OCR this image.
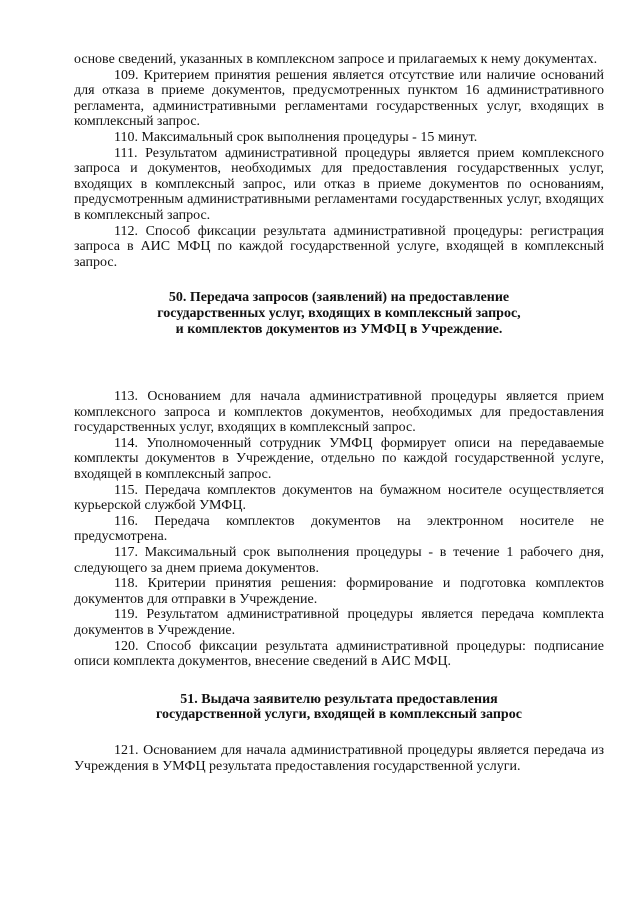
основе сведений, указанных в комплексном запросе и прилагаемых к нему документах.

109. Критерием принятия решения является отсутствие или наличие оснований для отказа в приеме документов, предусмотренных пунктом 16 административного регламента, административными регламентами государственных услуг, входящих в комплексный запрос.

110. Максимальный срок выполнения процедуры - 15 минут.

111. Результатом административной процедуры является прием комплексного запроса и документов, необходимых для предоставления государственных услуг, входящих в комплексный запрос, или отказ в приеме документов по основаниям, предусмотренным административными регламентами государственных услуг, входящих в комплексный запрос.

112. Способ фиксации результата административной процедуры: регистрация запроса в АИС МФЦ по каждой государственной услуге, входящей в комплексный запрос.

50. Передача запросов (заявлений) на предоставление
государственных услуг, входящих в комплексный запрос,
и комплектов документов из УМФЦ в Учреждение.

113. Основанием для начала административной процедуры является прием комплексного запроса и комплектов документов, необходимых для предоставления государственных услуг, входящих в комплексный запрос.

114. Уполномоченный сотрудник УМФЦ формирует описи на передаваемые комплекты документов в Учреждение, отдельно по каждой государственной услуге, входящей в комплексный запрос.

115. Передача комплектов документов на бумажном носителе осуществляется курьерской службой УМФЦ.

116. Передача комплектов документов на электронном носителе не предусмотрена.

117. Максимальный срок выполнения процедуры - в течение 1 рабочего дня, следующего за днем приема документов.

118. Критерии принятия решения: формирование и подготовка комплектов документов для отправки в Учреждение.

119. Результатом административной процедуры является передача комплекта документов в Учреждение.

120. Способ фиксации результата административной процедуры: подписание описи комплекта документов, внесение сведений в АИС МФЦ.

51. Выдача заявителю результата предоставления
государственной услуги, входящей в комплексный запрос

121. Основанием для начала административной процедуры является передача из Учреждения в УМФЦ результата предоставления государственной услуги.
